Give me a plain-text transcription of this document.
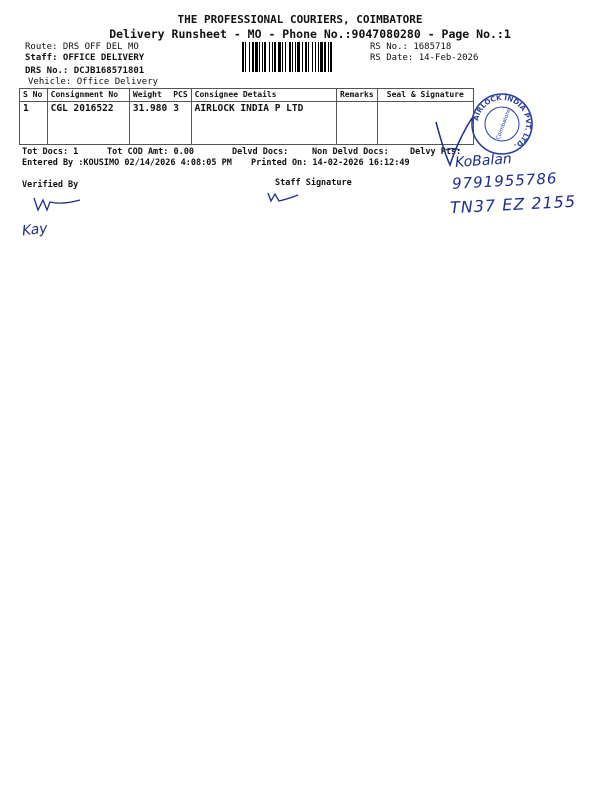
THE PROFESSIONAL COURIERS, COIMBATORE
Delivery Runsheet - MO - Phone No.:9047080280 - Page No.:1
Route: DRS OFF DEL MO
Staff: OFFICE DELIVERY
DRS No.: DCJB168571801
Vehicle: Office Delivery
RS No.: 1685718
RS Date: 14-Feb-2026
S No	Consignment No	Weight	PCS	Consignee Details	Remarks	Seal & Signature
1	CGL 2016522	31.980	3	AIRLOCK INDIA P LTD		
Tot Docs: 1	Tot COD Amt: 0.00	Delvd Docs:	Non Delvd Docs: Delvy Pts:
Entered By :KOUSIMO 02/14/2026 4:08:05 PM Printed On: 14-02-2026 16:12:49
Verified By	Staff Signature
AIRLOCK INDIA PVT. LTD.
Coimbatore
KoBalan
9791955786
TN37 EZ 2155
Kay
